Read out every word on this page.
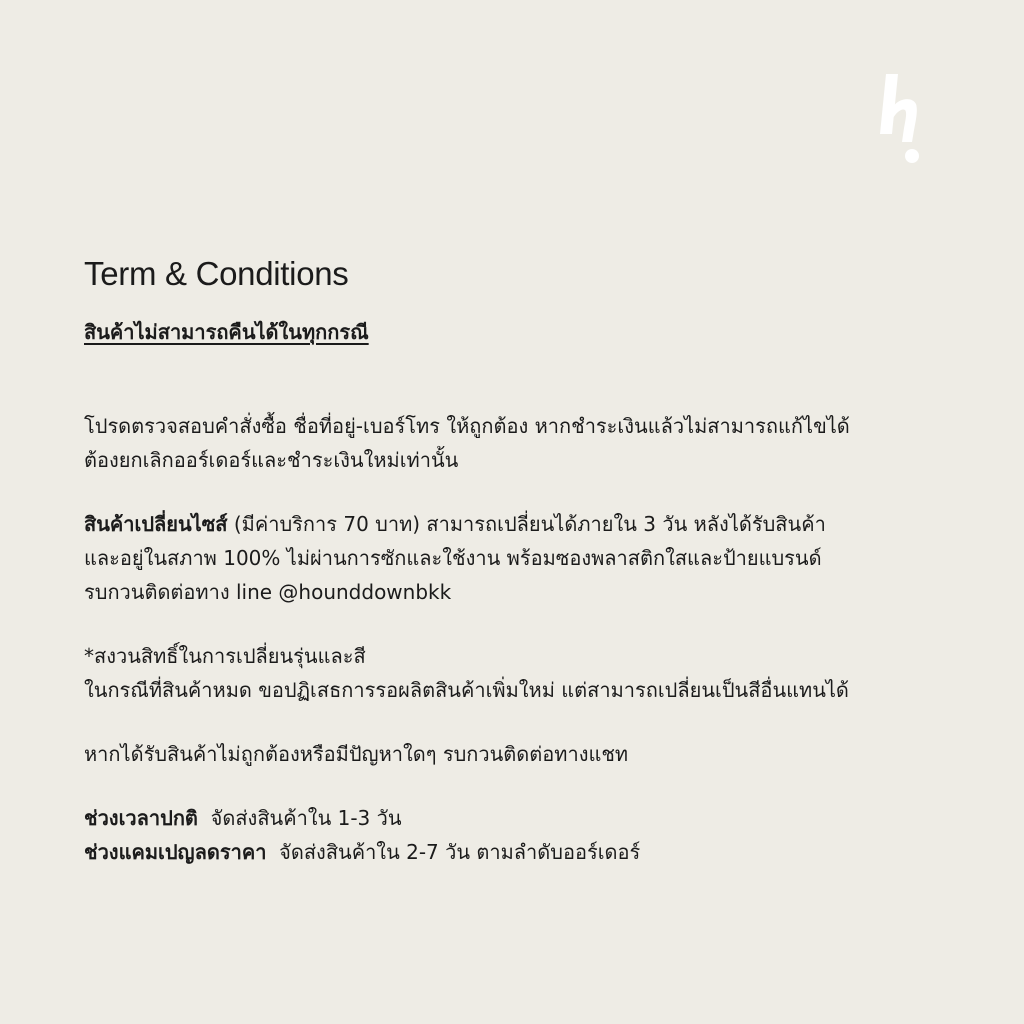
Term & Conditions
สินค้าไม่สามารถคืนได้ในทุกกรณี

โปรดตรวจสอบคำสั่งซื้อ ชื่อที่อยู่-เบอร์โทร ให้ถูกต้อง หากชำระเงินแล้วไม่สามารถแก้ไขได้

ต้องยกเลิกออร์เดอร์และชำระเงินใหม่เท่านั้น

สินค้าเปลี่ยนไซส์ (มีค่าบริการ 70 บาท) สามารถเปลี่ยนได้ภายใน 3 วัน หลังได้รับสินค้า

และอยู่ในสภาพ 100% ไม่ผ่านการซักและใช้งาน พร้อมซองพลาสติกใสและป้ายแบรนด์

รบกวนติดต่อทาง line @hounddownbkk

*สงวนสิทธิ์ในการเปลี่ยนรุ่นและสี

ในกรณีที่สินค้าหมด ขอปฏิเสธการรอผลิตสินค้าเพิ่มใหม่ แต่สามารถเปลี่ยนเป็นสีอื่นแทนได้

หากได้รับสินค้าไม่ถูกต้องหรือมีปัญหาใดๆ รบกวนติดต่อทางแชท

ช่วงเวลาปกติ  จัดส่งสินค้าใน 1-3 วัน

ช่วงแคมเปญลดราคา  จัดส่งสินค้าใน 2-7 วัน ตามลำดับออร์เดอร์
